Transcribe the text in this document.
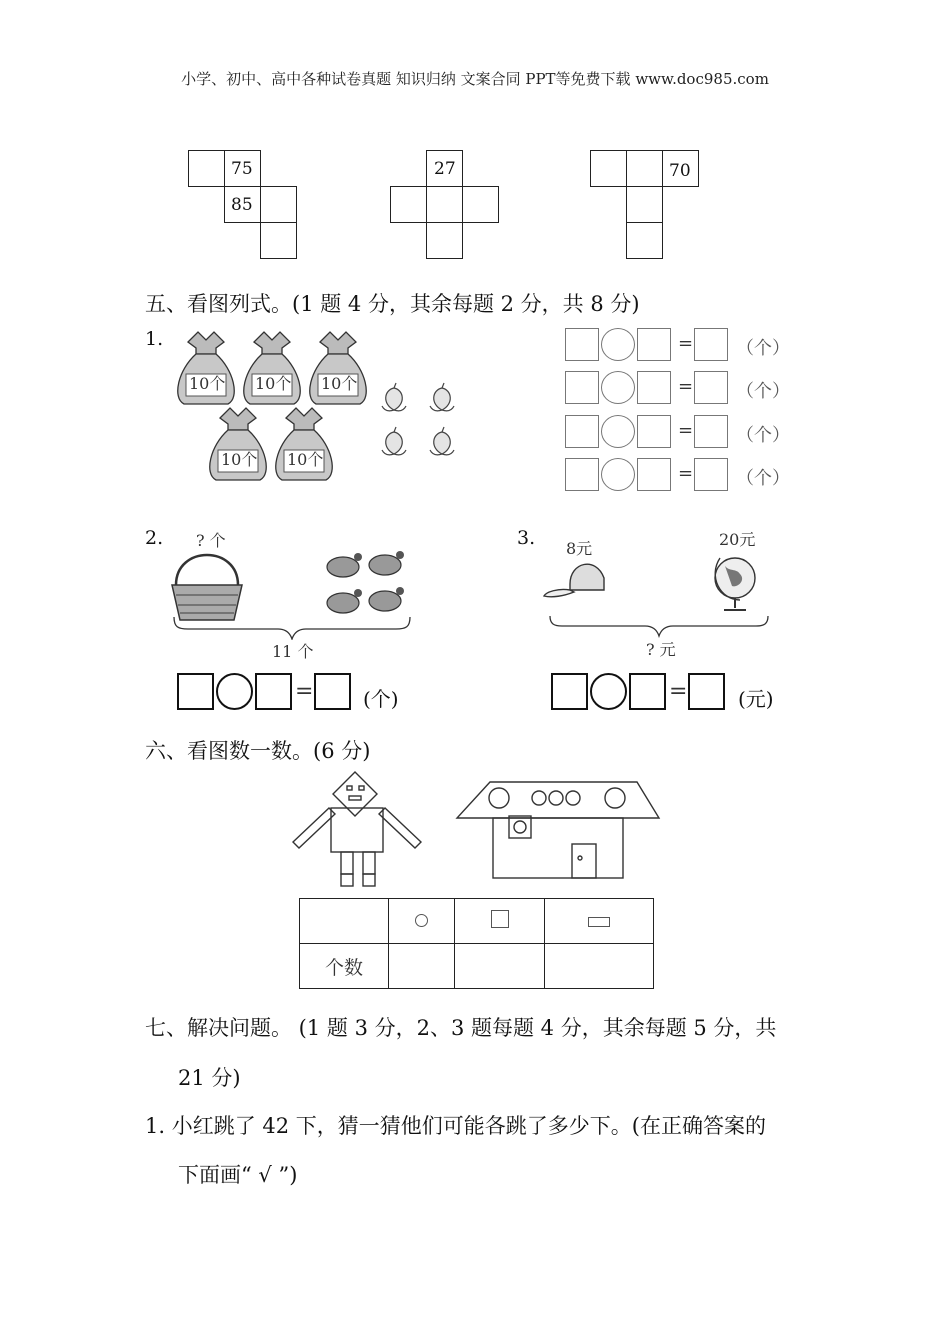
小学、初中、高中各种试卷真题 知识归纳 文案合同 PPT等免费下载 www.doc985.com
75
85
27	70
五、看图列式。(1 题 4 分，其余每题 2 分，共 8 分)
1.
10个 10个 10个
10个 10个
= （个）
= （个）
= （个）
= （个）
2. ? 个
11 个
= (个)
3. 8元	20元
? 元
=	(元)
六、看图数一数。(6 分)

个数			
七、解决问题。 (1 题 3 分，2、3 题每题 4 分，其余每题 5 分，共
21 分)
1. 小红跳了 42 下，猜一猜他们可能各跳了多少下。(在正确答案的
下面画“ √ ”)
